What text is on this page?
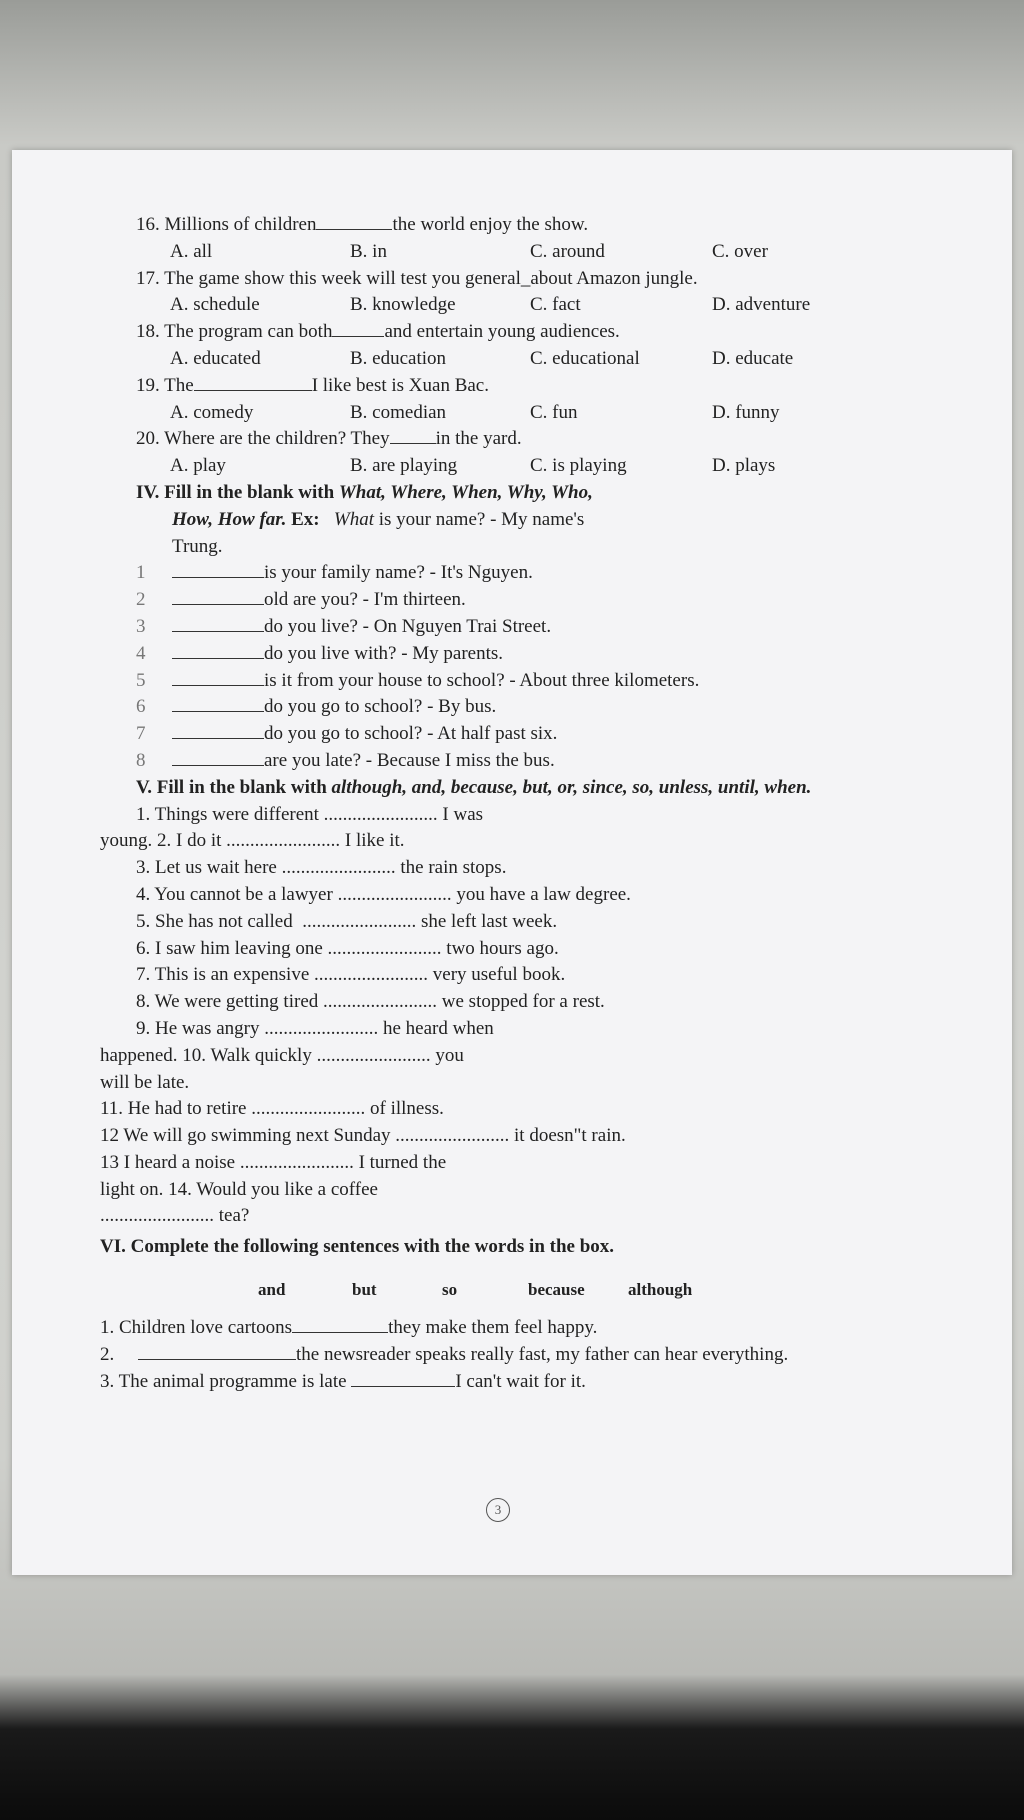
16. Millions of children	the world enjoy the show.
A. all	B. in	C. around	C. over
17. The game show this week will test you general_about Amazon jungle.
A. schedule	B. knowledge	C. fact	D. adventure
18. The program can both	and entertain young audiences.
A. educated	B. education	C. educational	D. educate
19. The	I like best is Xuan Bac.
A. comedy	B. comedian	C. fun	D. funny
20. Where are the children? They in the yard.
A. play	B. are playing	C. is playing	D. plays
IV. Fill in the blank with What, Where, When, Why, Who,
How, How far. Ex: What is your name? - My name's
Trung.
1	is your family name? - It's Nguyen.
2	old are you? - I'm thirteen.
3	do you live? - On Nguyen Trai Street.
4	do you live with? - My parents.
5	is it from your house to school? - About three kilometers.
6	do you go to school? - By bus.
7	do you go to school? - At half past six.
8	are you late? - Because I miss the bus.
V. Fill in the blank with although, and, because, but, or, since, so, unless, until, when.
1. Things were different ........................ I was
young. 2. I do it ........................ I like it.
3. Let us wait here ........................ the rain stops.
4. You cannot be a lawyer ........................ you have a law degree.
5. She has not called ........................ she left last week.
6. I saw him leaving one ........................ two hours ago.
7. This is an expensive ........................ very useful book.
8. We were getting tired ........................ we stopped for a rest.
9. He was angry ........................ he heard when
happened. 10. Walk quickly ........................ you
will be late.
11. He had to retire ........................ of illness.
12 We will go swimming next Sunday ........................ it doesn"t rain.
13 I heard a noise ........................ I turned the
light on. 14. Would you like a coffee
........................ tea?
VI. Complete the following sentences with the words in the box.
and	but	so	because	although
1. Children love cartoons	they make them feel happy.
2.	the newsreader speaks really fast, my father can hear everything.
3. The animal programme is late	I can't wait for it.
3
